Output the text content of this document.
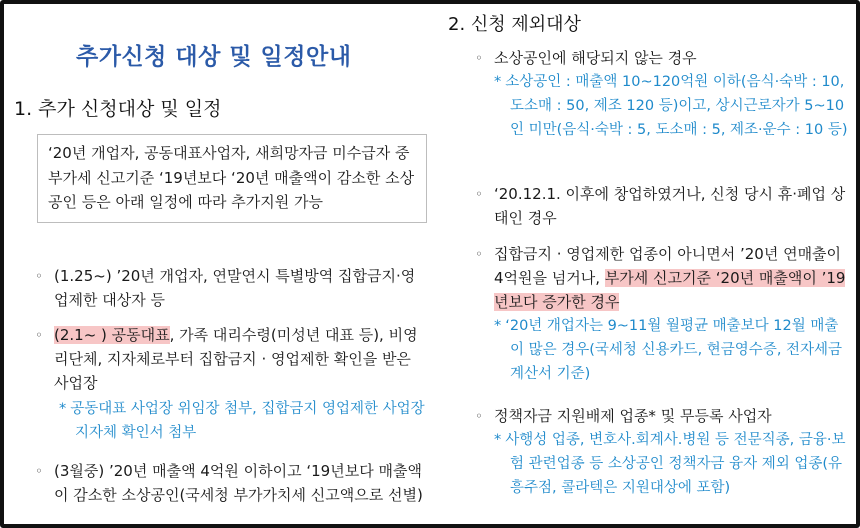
추가신청 대상 및 일정안내
1. 추가 신청대상 및 일정
‘20년 개업자, 공동대표사업자, 새희망자금 미수급자 중 부가세 신고기준 ‘19년보다 ‘20년 매출액이 감소한 소상공인 등은 아래 일정에 따라 추가지원 가능
◦ (1.25~) ’20년 개업자, 연말연시 특별방역 집합금지·영업제한 대상자 등
◦ (2.1~ ) 공동대표, 가족 대리수령(미성년 대표 등), 비영리단체, 지자체로부터 집합금지 · 영업제한 확인을 받은 사업장
* 공동대표 사업장 위임장 첨부, 집합금지 영업제한 사업장 지자체 확인서 첨부
◦ (3월중) ’20년 매출액 4억원 이하이고 ‘19년보다 매출액이 감소한 소상공인(국세청 부가가치세 신고액으로 선별)
2. 신청 제외대상
◦ 소상공인에 해당되지 않는 경우
* 소상공인 : 매출액 10~120억원 이하(음식·숙박 : 10, 도소매 : 50, 제조 120 등)이고, 상시근로자가 5~10인 미만(음식·숙박 : 5, 도소매 : 5, 제조·운수 : 10 등)
◦ ‘20.12.1. 이후에 창업하였거나, 신청 당시 휴·폐업 상태인 경우
◦ 집합금지 · 영업제한 업종이 아니면서 ’20년 연매출이 4억원을 넘거나, 부가세 신고기준 ‘20년 매출액이 ’19년보다 증가한 경우
* ‘20년 개업자는 9~11월 월평균 매출보다 12월 매출이 많은 경우(국세청 신용카드, 현금영수증, 전자세금계산서 기준)
◦ 정책자금 지원배제 업종* 및 무등록 사업자
* 사행성 업종, 변호사.회계사.병원 등 전문직종, 금융·보험 관련업종 등 소상공인 정책자금 융자 제외 업종(유흥주점, 콜라텍은 지원대상에 포함)
